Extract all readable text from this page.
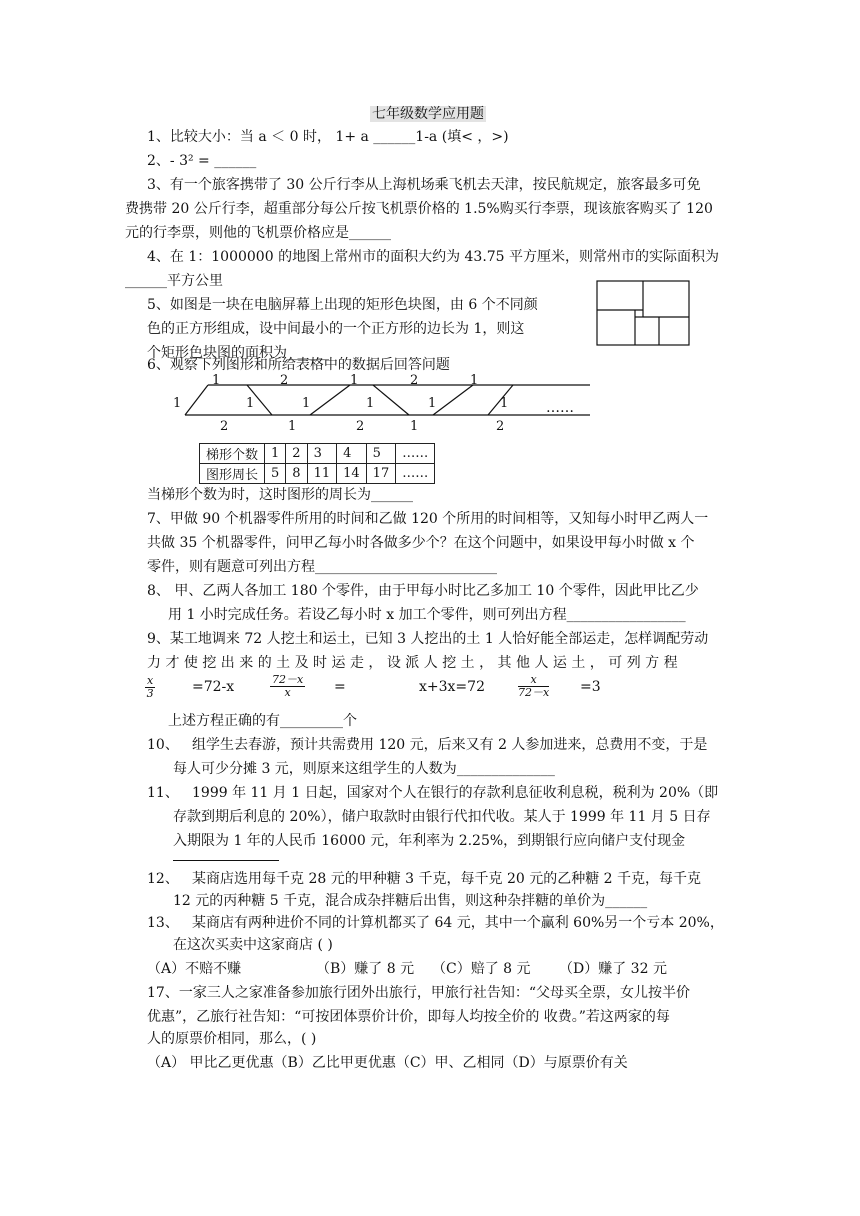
七年级数学应用题
1、比较大小：当 a ＜ 0 时， 1+ a ______1-a (填< ，>)
2、- 3² = ______
3、有一个旅客携带了 30 公斤行李从上海机场乘飞机去天津，按民航规定，旅客最多可免
费携带 20 公斤行李，超重部分每公斤按飞机票价格的 1.5%购买行李票，现该旅客购买了 120
元的行李票，则他的飞机票价格应是______
4、在 1：1000000 的地图上常州市的面积大约为 43.75 平方厘米，则常州市的实际面积为
______平方公里
5、如图是一块在电脑屏幕上出现的矩形色块图，由 6 个不同颜
色的正方形组成，设中间最小的一个正方形的边长为 1，则这
个矩形色块图的面积为______
6、观察下列图形和所给表格中的数据后回答问题
1	2	1	2	1
1	1	1	1	1	1
2	1	2	1	2
……
梯形个数	1	2	3	4	5	……
图形周长	5	8	11	14	17	……
当梯形个数为时，这时图形的周长为______
7、甲做 90 个机器零件所用的时间和乙做 120 个所用的时间相等，又知每小时甲乙两人一
共做 35 个机器零件，问甲乙每小时各做多少个？在这个问题中，如果设甲每小时做 x 个
零件，则有题意可列出方程__________________________
8、 甲、乙两人各加工 180 个零件，由于甲每小时比乙多加工 10 个零件，因此甲比乙少
用 1 小时完成任务。若设乙每小时 x 加工个零件，则可列出方程_________________
9、某工地调来 72 人挖土和运土，已知 3 人挖出的土 1 人恰好能全部运走，怎样调配劳动
力 才 使 挖 出 来 的 土 及 时 运 走 ， 设 派 人 挖 土 ， 其 他 人 运 土 ， 可 列 方 程
$\frac{x}{3}$	=72-x	$\frac{72-x}{x}$ =	x+3x=72	$\frac{x}{72-x} =3$
上述方程正确的有_________个
10、 组学生去春游，预计共需费用 120 元，后来又有 2 人参加进来，总费用不变，于是
每人可少分摊 3 元，则原来这组学生的人数为______________
11、 1999 年 11 月 1 日起，国家对个人在银行的存款利息征收利息税，税利为 20%（即
存款到期后利息的 20%），储户取款时由银行代扣代收。某人于 1999 年 11 月 5 日存
入期限为 1 年的人民币 16000 元，年利率为 2.25%，到期银行应向储户支付现金
12、 某商店选用每千克 28 元的甲种糖 3 千克，每千克 20 元的乙种糖 2 千克，每千克
12 元的丙种糖 5 千克，混合成杂拌糖后出售，则这种杂拌糖的单价为______
13、 某商店有两种进价不同的计算机都买了 64 元，其中一个赢利 60%另一个亏本 20%，
在这次买卖中这家商店 ( )
（A）不赔不赚	（B）赚了 8 元 （C）赔了 8 元 （D）赚了 32 元
17、一家三人之家准备参加旅行团外出旅行，甲旅行社告知：“父母买全票，女儿按半价
优惠”，乙旅行社告知：“可按团体票价计价，即每人均按全价的 收费。”若这两家的每
人的原票价相同，那么，( )
（A） 甲比乙更优惠（B）乙比甲更优惠（C）甲、乙相同（D）与原票价有关
